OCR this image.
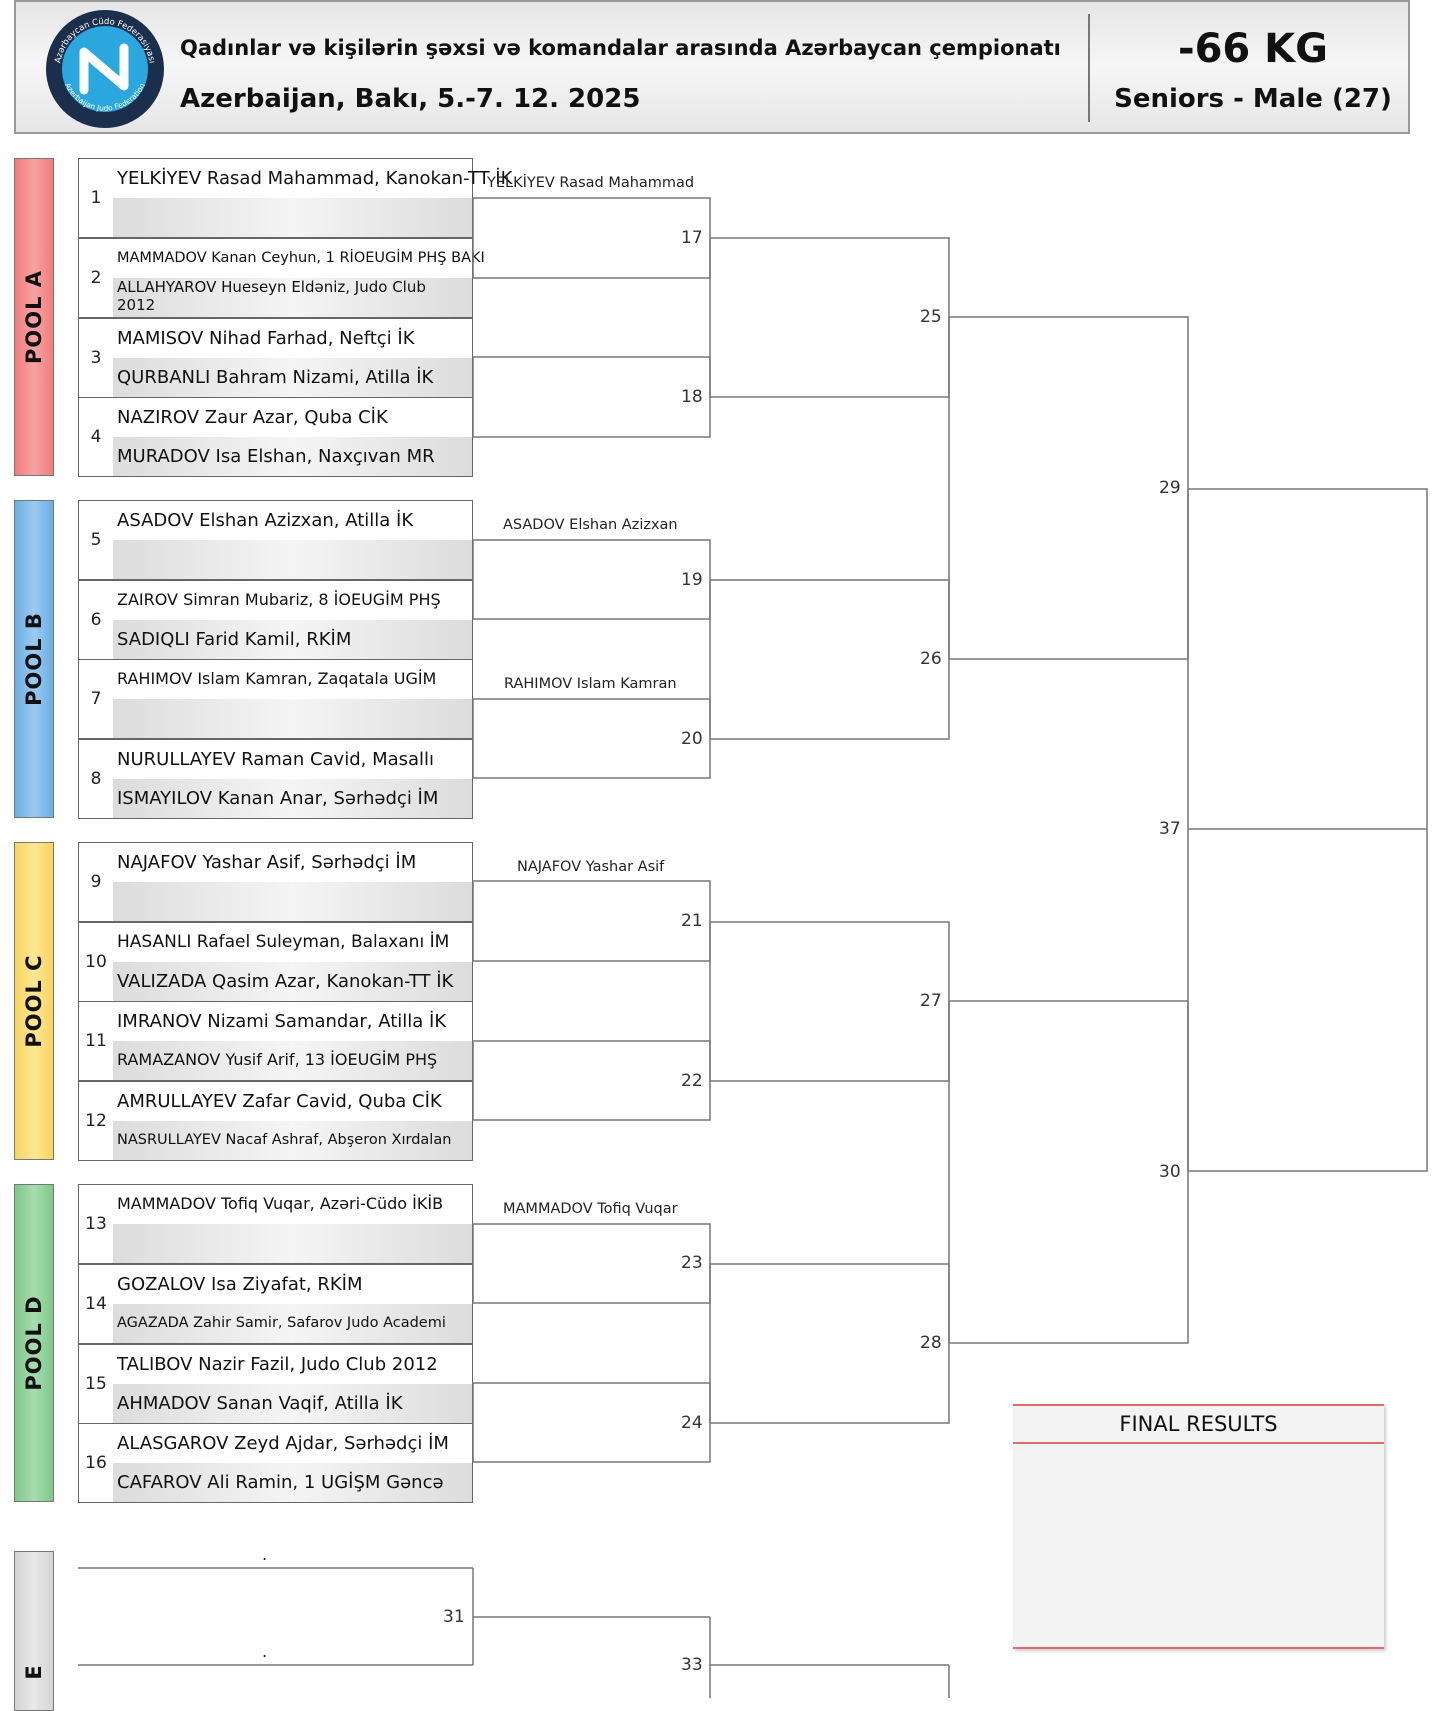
Azərbaycan Cüdo Federasiyası
Azerbaijan Judo Federation
Qadınlar və kişilərin şəxsi və komandalar arasında Azərbaycan çempionatı
Azerbaijan, Bakı, 5.-7. 12. 2025
-66 KG
Seniors - Male (27)
POOL A
POOL B
POOL C
POOL D
E
1
YELKİYEV Rasad Mahammad, Kanokan-TT İK
2
MAMMADOV Kanan Ceyhun, 1 RİOEUGİM PHŞ BAKI
ALLAHYAROV Hueseyn Eldəniz, Judo Club 2012
3
MAMISOV Nihad Farhad, Neftçi İK
QURBANLI Bahram Nizami, Atilla İK
4
NAZIROV Zaur Azar, Quba CİK
MURADOV Isa Elshan, Naxçıvan MR
5
ASADOV Elshan Azizxan, Atilla İK
6
ZAIROV Simran Mubariz, 8 İOEUGİM PHŞ
SADIQLI Farid Kamil, RKİM
7
RAHIMOV Islam Kamran, Zaqatala UGİM
8
NURULLAYEV Raman Cavid, Masallı
ISMAYILOV Kanan Anar, Sərhədçi İM
9
NAJAFOV Yashar Asif, Sərhədçi İM
10
HASANLI Rafael Suleyman, Balaxanı İM
VALIZADA Qasim Azar, Kanokan-TT İK
11
IMRANOV Nizami Samandar, Atilla İK
RAMAZANOV Yusif Arif, 13 İOEUGİM PHŞ
12
AMRULLAYEV Zafar Cavid, Quba CİK
NASRULLAYEV Nacaf Ashraf, Abşeron Xırdalan
13
MAMMADOV Tofiq Vuqar, Azəri-Cüdo İKİB
14
GOZALOV Isa Ziyafat, RKİM
AGAZADA Zahir Samir, Safarov Judo Academi
15
TALIBOV Nazir Fazil, Judo Club 2012
AHMADOV Sanan Vaqif, Atilla İK
16
ALASGAROV Zeyd Ajdar, Sərhədçi İM
CAFAROV Ali Ramin, 1 UGİŞM Gəncə
YELKİYEV Rasad Mahammad
ASADOV Elshan Azizxan
RAHIMOV Islam Kamran
NAJAFOV Yashar Asif
MAMMADOV Tofiq Vuqar
17
18
19
20
21
22
23
24
25
26
27
28
29
30
37
31
33
.
.
FINAL RESULTS
